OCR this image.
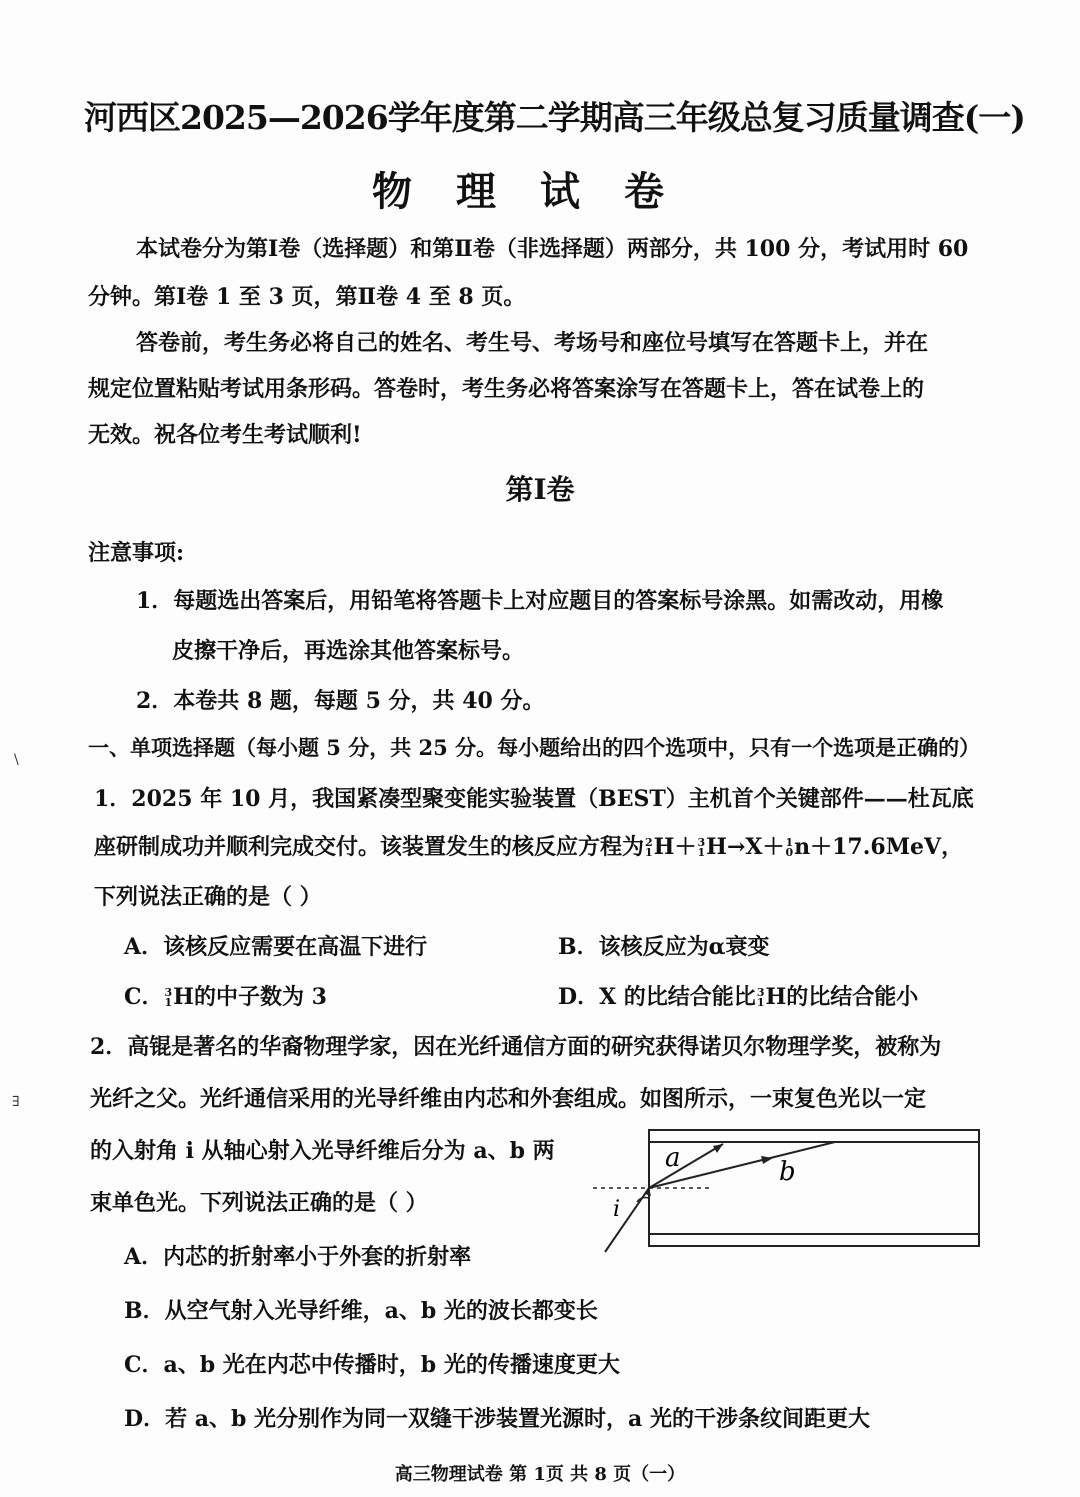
河西区2025—2026学年度第二学期高三年级总复习质量调查(一)
物理试卷
本试卷分为第Ⅰ卷（选择题）和第Ⅱ卷（非选择题）两部分，共 100 分，考试用时 60
分钟。第Ⅰ卷 1 至 3 页，第Ⅱ卷 4 至 8 页。
答卷前，考生务必将自己的姓名、考生号、考场号和座位号填写在答题卡上，并在
规定位置粘贴考试用条形码。答卷时，考生务必将答案涂写在答题卡上，答在试卷上的
无效。祝各位考生考试顺利!
第Ⅰ卷
注意事项:
1．每题选出答案后，用铅笔将答题卡上对应题目的答案标号涂黑。如需改动，用橡
皮擦干净后，再选涂其他答案标号。
2．本卷共 8 题，每题 5 分，共 40 分。
一、单项选择题（每小题 5 分，共 25 分。每小题给出的四个选项中，只有一个选项是正确的）
1．2025 年 10 月，我国紧凑型聚变能实验装置（BEST）主机首个关键部件——杜瓦底
座研制成功并顺利完成交付。该装置发生的核反应方程为 2
1 H＋ 3
1 H→X＋ 1
0 n＋17.6MeV，
下列说法正确的是（ ）
A．该核反应需要在高温下进行	B．该核反应为α衰变
C． 3
1 H的中子数为 3	D．X 的比结合能比 3
1 H的比结合能小
2．高锟是著名的华裔物理学家，因在光纤通信方面的研究获得诺贝尔物理学奖，被称为
光纤之父。光纤通信采用的光导纤维由内芯和外套组成。如图所示，一束复色光以一定
的入射角 i 从轴心射入光导纤维后分为 a、b 两
束单色光。下列说法正确的是（ ）
a	b
i
A．内芯的折射率小于外套的折射率
B．从空气射入光导纤维，a、b 光的波长都变长
C．a、b 光在内芯中传播时，b 光的传播速度更大
D．若 a、b 光分别作为同一双缝干涉装置光源时，a 光的干涉条纹间距更大
高三物理试卷 第 1页 共 8 页（一）
\
∃
